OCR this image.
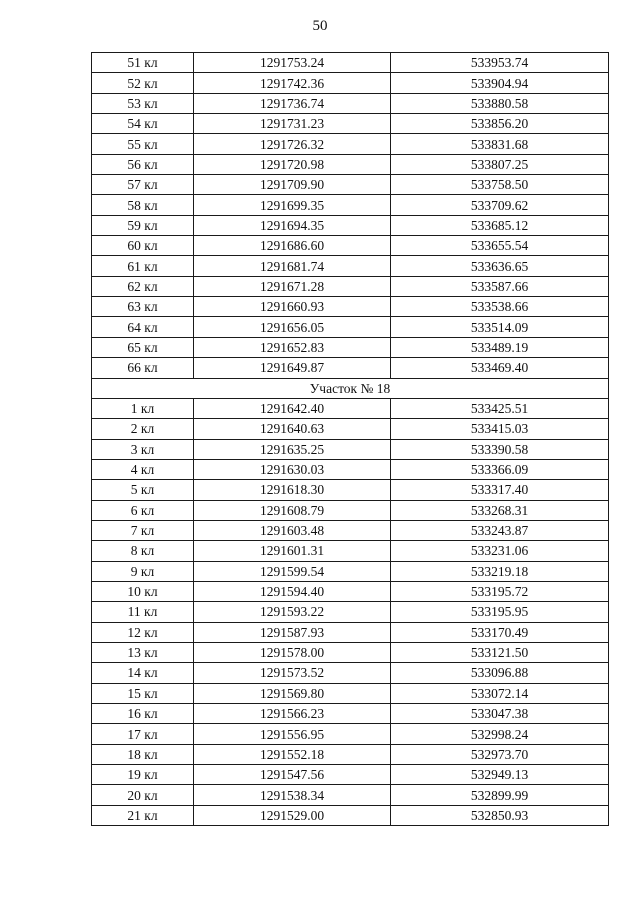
50
51 кл	1291753.24	533953.74
52 кл	1291742.36	533904.94
53 кл	1291736.74	533880.58
54 кл	1291731.23	533856.20
55 кл	1291726.32	533831.68
56 кл	1291720.98	533807.25
57 кл	1291709.90	533758.50
58 кл	1291699.35	533709.62
59 кл	1291694.35	533685.12
60 кл	1291686.60	533655.54
61 кл	1291681.74	533636.65
62 кл	1291671.28	533587.66
63 кл	1291660.93	533538.66
64 кл	1291656.05	533514.09
65 кл	1291652.83	533489.19
66 кл	1291649.87	533469.40
Участок № 18		
1 кл	1291642.40	533425.51
2 кл	1291640.63	533415.03
3 кл	1291635.25	533390.58
4 кл	1291630.03	533366.09
5 кл	1291618.30	533317.40
6 кл	1291608.79	533268.31
7 кл	1291603.48	533243.87
8 кл	1291601.31	533231.06
9 кл	1291599.54	533219.18
10 кл	1291594.40	533195.72
11 кл	1291593.22	533195.95
12 кл	1291587.93	533170.49
13 кл	1291578.00	533121.50
14 кл	1291573.52	533096.88
15 кл	1291569.80	533072.14
16 кл	1291566.23	533047.38
17 кл	1291556.95	532998.24
18 кл	1291552.18	532973.70
19 кл	1291547.56	532949.13
20 кл	1291538.34	532899.99
21 кл	1291529.00	532850.93
